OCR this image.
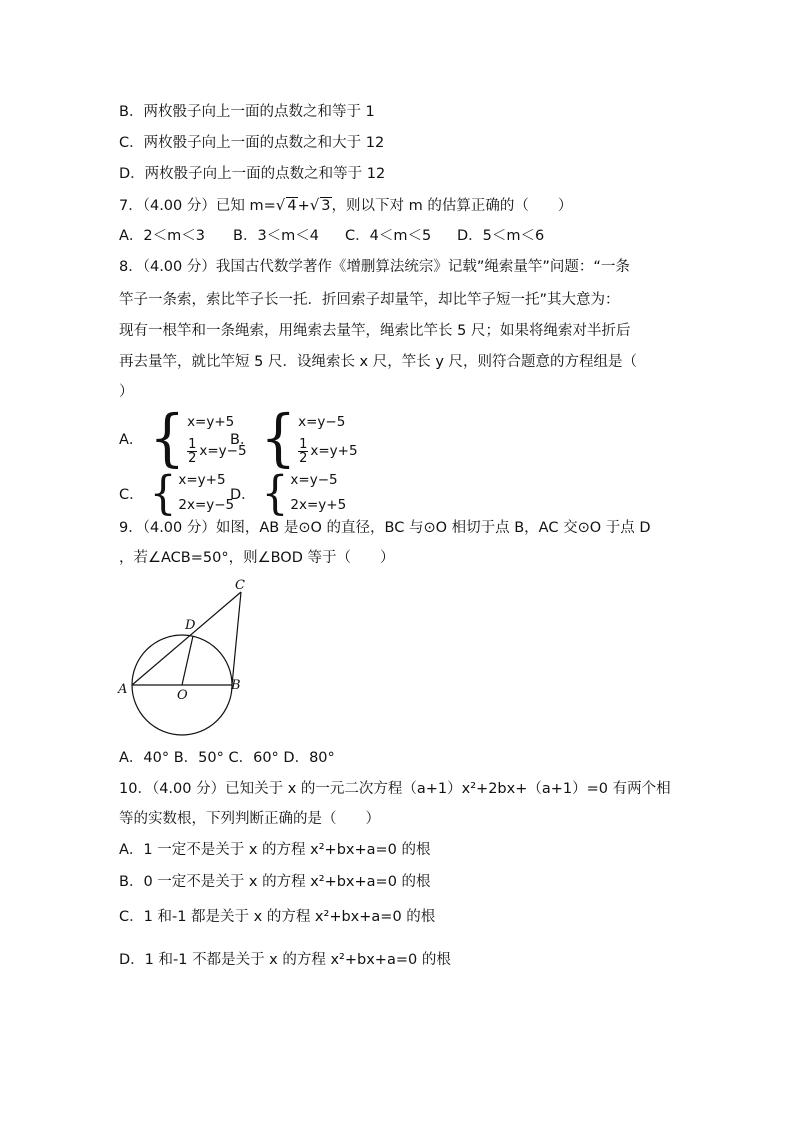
B．两枚骰子向上一面的点数之和等于 1
C．两枚骰子向上一面的点数之和大于 12
D．两枚骰子向上一面的点数之和等于 12
7．（4.00 分）已知 m=√ 4+√ 3，则以下对 m 的估算正确的（　　）
A．2＜m＜3 B．3＜m＜4 C．4＜m＜5 D．5＜m＜6
8．（4.00 分）我国古代数学著作《增删算法统宗》记载”绳索量竿”问题：“一条
竿子一条索，索比竿子长一托．折回索子却量竿，却比竿子短一托”其大意为：
现有一根竿和一条绳索，用绳索去量竿，绳索比竿长 5 尺；如果将绳索对半折后
再去量竿，就比竿短 5 尺．设绳索长 x 尺，竿长 y 尺，则符合题意的方程组是（
）
A． { x=y+5
$\frac{1}{2} x=y-5$
B． { x=y−5
$\frac{1}{2} x=y+5$
C． { x=y+5
2x=y−5
D． { x=y−5
2x=y+5
9．（4.00 分）如图，AB 是⊙O 的直径，BC 与⊙O 相切于点 B，AC 交⊙O 于点 D
，若∠ACB=50°，则∠BOD 等于（　　）
C
D
A	O
B
A．40° B．50° C．60° D．80°
10．（4.00 分）已知关于 x 的一元二次方程（a+1）x²+2bx+（a+1）=0 有两个相
等的实数根，下列判断正确的是（　　）
A．1 一定不是关于 x 的方程 x²+bx+a=0 的根
B．0 一定不是关于 x 的方程 x²+bx+a=0 的根
C．1 和-1 都是关于 x 的方程 x²+bx+a=0 的根
D．1 和-1 不都是关于 x 的方程 x²+bx+a=0 的根
